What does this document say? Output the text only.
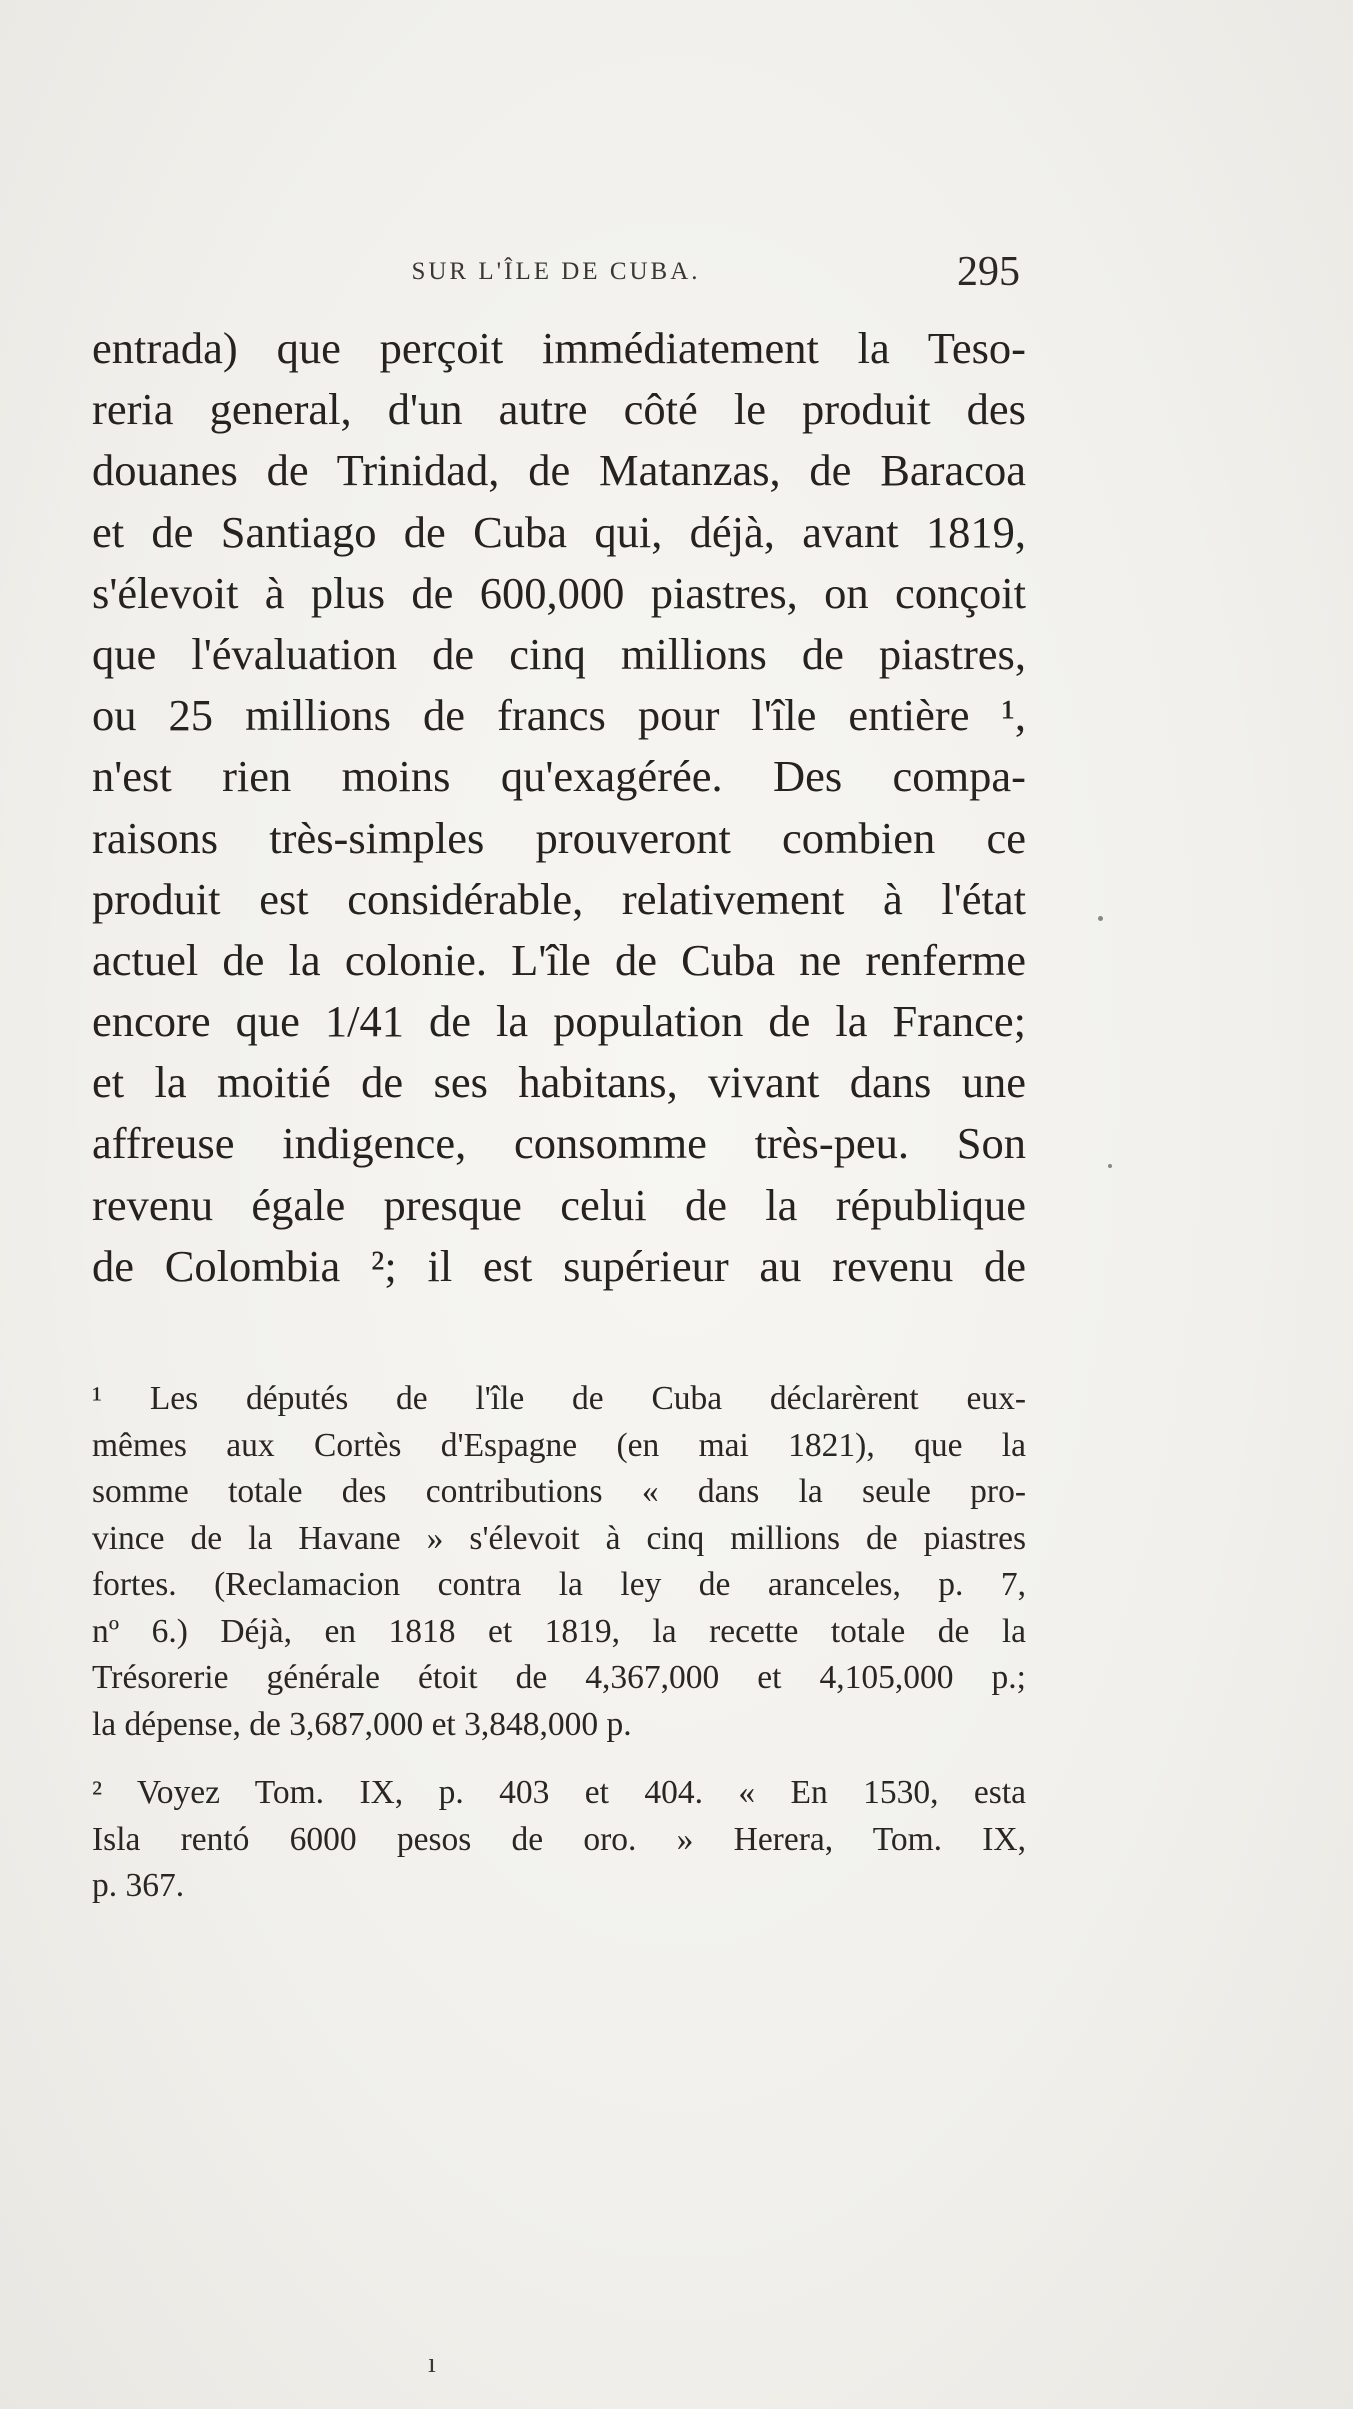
SUR L'ÎLE DE CUBA.	295
entrada) que perçoit immédiatement la Teso-
reria general, d'un autre côté le produit des
douanes de Trinidad, de Matanzas, de Baracoa
et de Santiago de Cuba qui, déjà, avant 1819,
s'élevoit à plus de 600,000 piastres, on conçoit
que l'évaluation de cinq millions de piastres,
ou 25 millions de francs pour l'île entière ¹,
n'est rien moins qu'exagérée. Des compa-
raisons très-simples prouveront combien ce
produit est considérable, relativement à l'état
actuel de la colonie. L'île de Cuba ne renferme
encore que 1/41 de la population de la France;
et la moitié de ses habitans, vivant dans une
affreuse indigence, consomme très-peu. Son
revenu égale presque celui de la république
de Colombia ²; il est supérieur au revenu de
¹ Les députés de l'île de Cuba déclarèrent eux-
mêmes aux Cortès d'Espagne (en mai 1821), que la
somme totale des contributions « dans la seule pro-
vince de la Havane » s'élevoit à cinq millions de piastres
fortes. (Reclamacion contra la ley de aranceles, p. 7,
nº 6.) Déjà, en 1818 et 1819, la recette totale de la
Trésorerie générale étoit de 4,367,000 et 4,105,000 p.;
la dépense, de 3,687,000 et 3,848,000 p.
² Voyez Tom. IX, p. 403 et 404. « En 1530, esta
Isla rentó 6000 pesos de oro. » Herera, Tom. IX,
p. 367.
ı
